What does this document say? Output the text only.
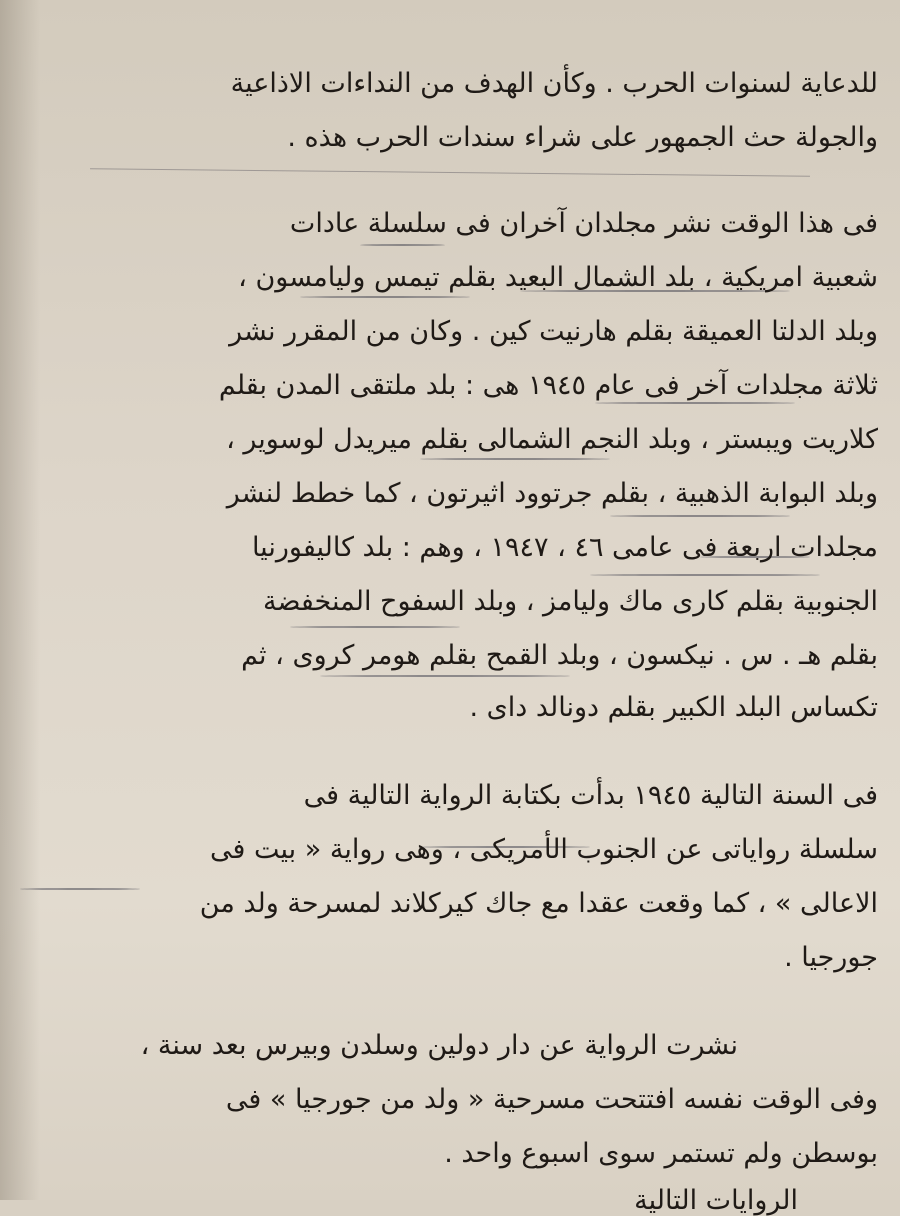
للدعاية لسنوات الحرب . وكأن الهدف من النداءات الاذاعية
والجولة حث الجمهور على شراء سندات الحرب هذه .
فى هذا الوقت نشر مجلدان آخران فى سلسلة عادات
شعبية امريكية ، بلد الشمال البعيد بقلم تيمس وليامسون ،
وبلد الدلتا العميقة بقلم هارنيت كين . وكان من المقرر نشر
ثلاثة مجلدات آخر فى عام ١٩٤٥ هى : بلد ملتقى المدن بقلم
كلاريت ويبستر ، وبلد النجم الشمالى بقلم ميريدل لوسوير ،
وبلد البوابة الذهبية ، بقلم جرتوود اثيرتون ، كما خطط لنشر
مجلدات اربعة فى عامى ٤٦ ، ١٩٤٧ ، وهم : بلد كاليفورنيا
الجنوبية بقلم كارى ماك وليامز ، وبلد السفوح المنخفضة
بقلم هـ . س . نيكسون ، وبلد القمح بقلم هومر كروى ، ثم
تكساس البلد الكبير بقلم دونالد داى .
فى السنة التالية ١٩٤٥ بدأت بكتابة الرواية التالية فى
سلسلة رواياتى عن الجنوب الأمريكى ، وهى رواية « بيت فى
الاعالى » ، كما وقعت عقدا مع جاك كيركلاند لمسرحة ولد من
جورجيا .
نشرت الرواية عن دار دولين وسلدن وبيرس بعد سنة ،
وفى الوقت نفسه افتتحت مسرحية « ولد من جورجيا » فى
بوسطن ولم تستمر سوى اسبوع واحد .
الروايات التالية
